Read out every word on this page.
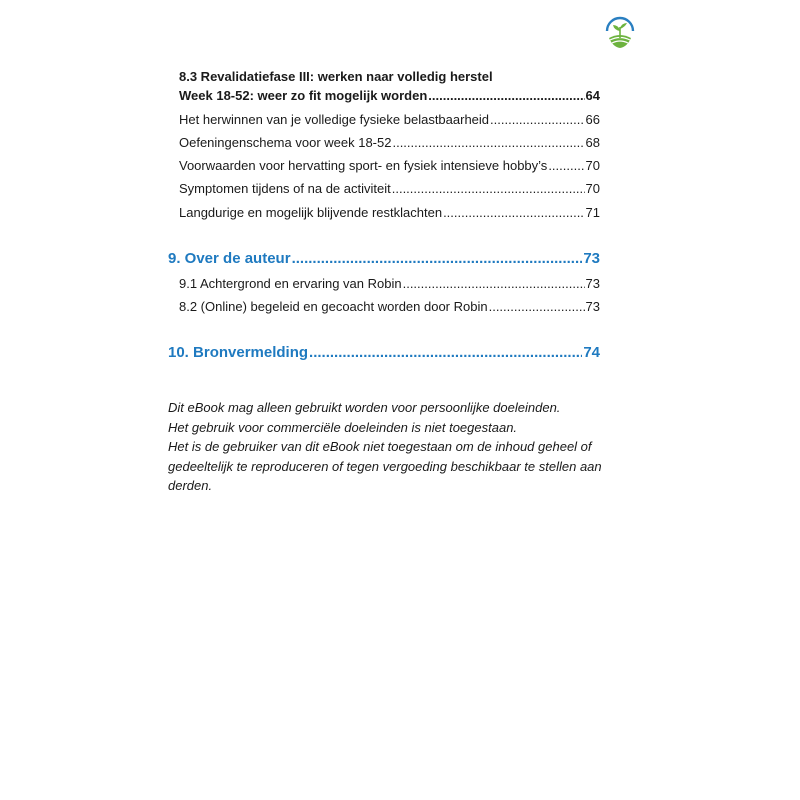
8.3 Revalidatiefase III: werken naar volledig herstel
Week 18-52: weer zo fit mogelijk worden .....	64
Het herwinnen van je volledige fysieke belastbaarheid .....	66
Oefeningenschema voor week 18-52 .....	68
Voorwaarden voor hervatting sport- en fysiek intensieve hobby’s .....	70
Symptomen tijdens of na de activiteit .....	70
Langdurige en mogelijk blijvende restklachten .....	71
9. Over de auteur .....	73
9.1 Achtergrond en ervaring van Robin .....	73
8.2 (Online) begeleid en gecoacht worden door Robin .....	73
10. Bronvermelding .....	74

Dit eBook mag alleen gebruikt worden voor persoonlijke doeleinden.

Het gebruik voor commerciële doeleinden is niet toegestaan.

Het is de gebruiker van dit eBook niet toegestaan om de inhoud geheel of gedeeltelijk te reproduceren of tegen vergoeding beschikbaar te stellen aan derden.
